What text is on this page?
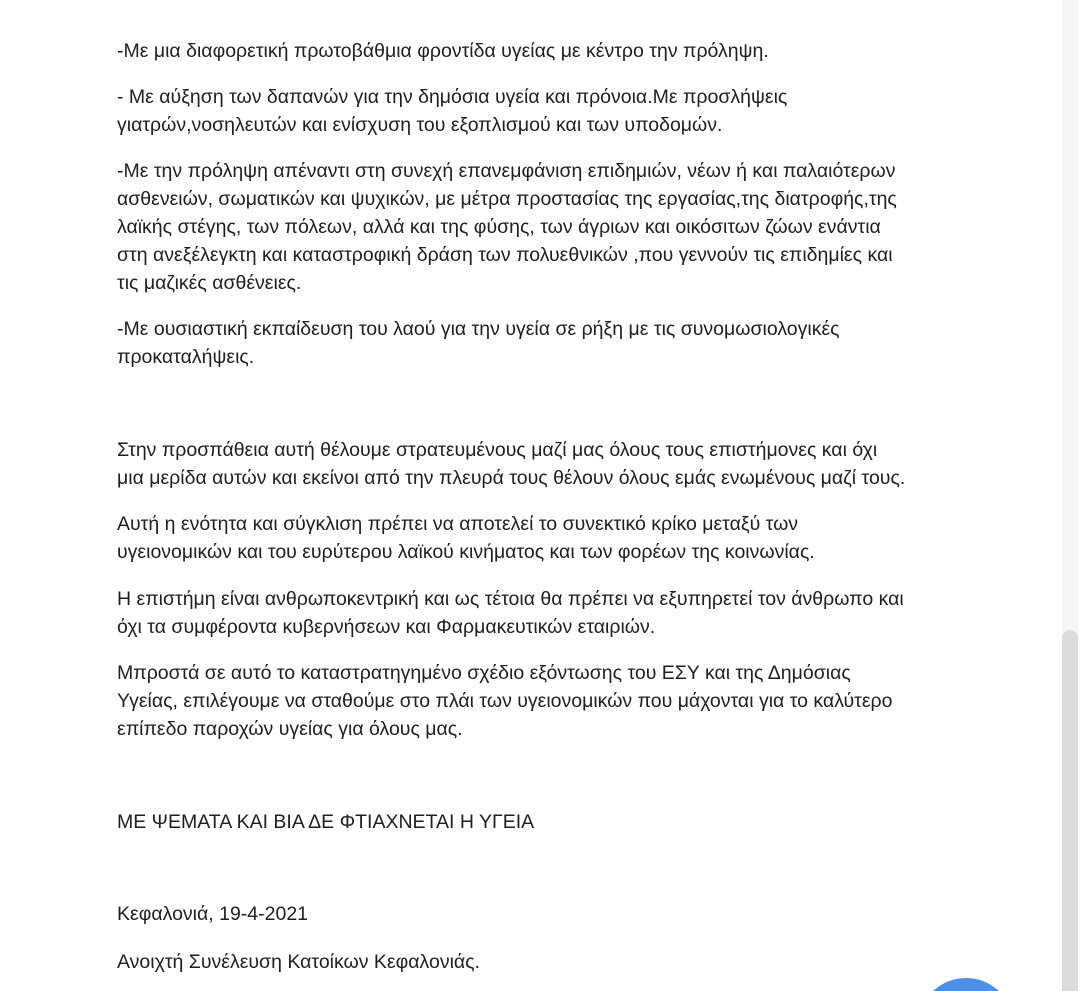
-Με μια διαφορετική πρωτοβάθμια φροντίδα υγείας με κέντρο την πρόληψη.

- Με αύξηση των δαπανών για την δημόσια υγεία και πρόνοια.Με προσλήψεις
γιατρών,νοσηλευτών και ενίσχυση του εξοπλισμού και των υποδομών.

-Με την πρόληψη απέναντι στη συνεχή επανεμφάνιση επιδημιών, νέων ή και παλαιότερων
ασθενειών, σωματικών και ψυχικών, με μέτρα προστασίας της εργασίας,της διατροφής,της
λαϊκής στέγης, των πόλεων, αλλά και της φύσης, των άγριων και οικόσιτων ζώων ενάντια
στη ανεξέλεγκτη και καταστροφική δράση των πολυεθνικών ,που γεννούν τις επιδημίες και
τις μαζικές ασθένειες.

-Με ουσιαστική εκπαίδευση του λαού για την υγεία σε ρήξη με τις συνομωσιολογικές
προκαταλήψεις.

Στην προσπάθεια αυτή θέλουμε στρατευμένους μαζί μας όλους τους επιστήμονες και όχι
μια μερίδα αυτών και εκείνοι από την πλευρά τους θέλουν όλους εμάς ενωμένους μαζί τους.

Αυτή η ενότητα και σύγκλιση πρέπει να αποτελεί το συνεκτικό κρίκο μεταξύ των
υγειονομικών και του ευρύτερου λαϊκού κινήματος και των φορέων της κοινωνίας.

Η επιστήμη είναι ανθρωποκεντρική και ως τέτοια θα πρέπει να εξυπηρετεί τον άνθρωπο και
όχι τα συμφέροντα κυβερνήσεων και Φαρμακευτικών εταιριών.

Μπροστά σε αυτό το καταστρατηγημένο σχέδιο εξόντωσης του ΕΣΥ και της Δημόσιας
Υγείας, επιλέγουμε να σταθούμε στο πλάι των υγειονομικών που μάχονται για το καλύτερο
επίπεδο παροχών υγείας για όλους μας.

ΜΕ ΨΕΜΑΤΑ ΚΑΙ ΒΙΑ ΔΕ ΦΤΙΑΧΝΕΤΑΙ Η ΥΓΕΙΑ

Κεφαλονιά, 19-4-2021

Ανοιχτή Συνέλευση Κατοίκων Κεφαλονιάς.
